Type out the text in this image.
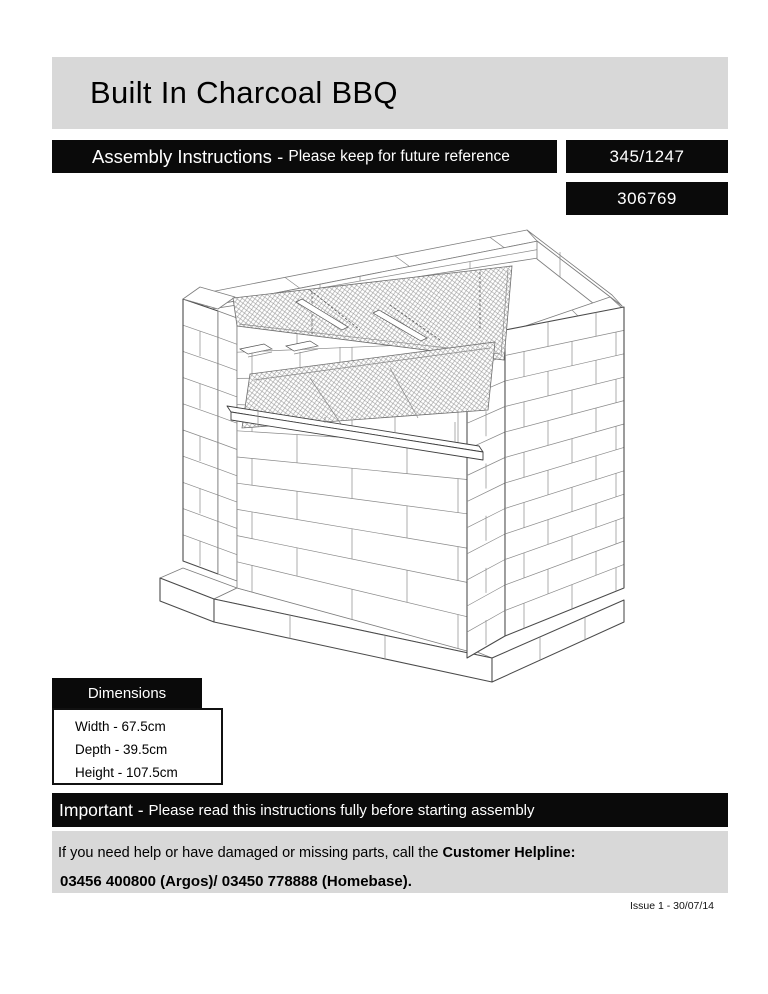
Built In Charcoal BBQ
Assembly Instructions - Please keep for future reference	345/1247
306769
Dimensions
Width - 67.5cm
Depth - 39.5cm
Height - 107.5cm
Important - Please read this instructions fully before starting assembly
If you need help or have damaged or missing parts, call the Customer Helpline:
03456 400800 (Argos)/ 03450 778888 (Homebase).
Issue 1 - 30/07/14
